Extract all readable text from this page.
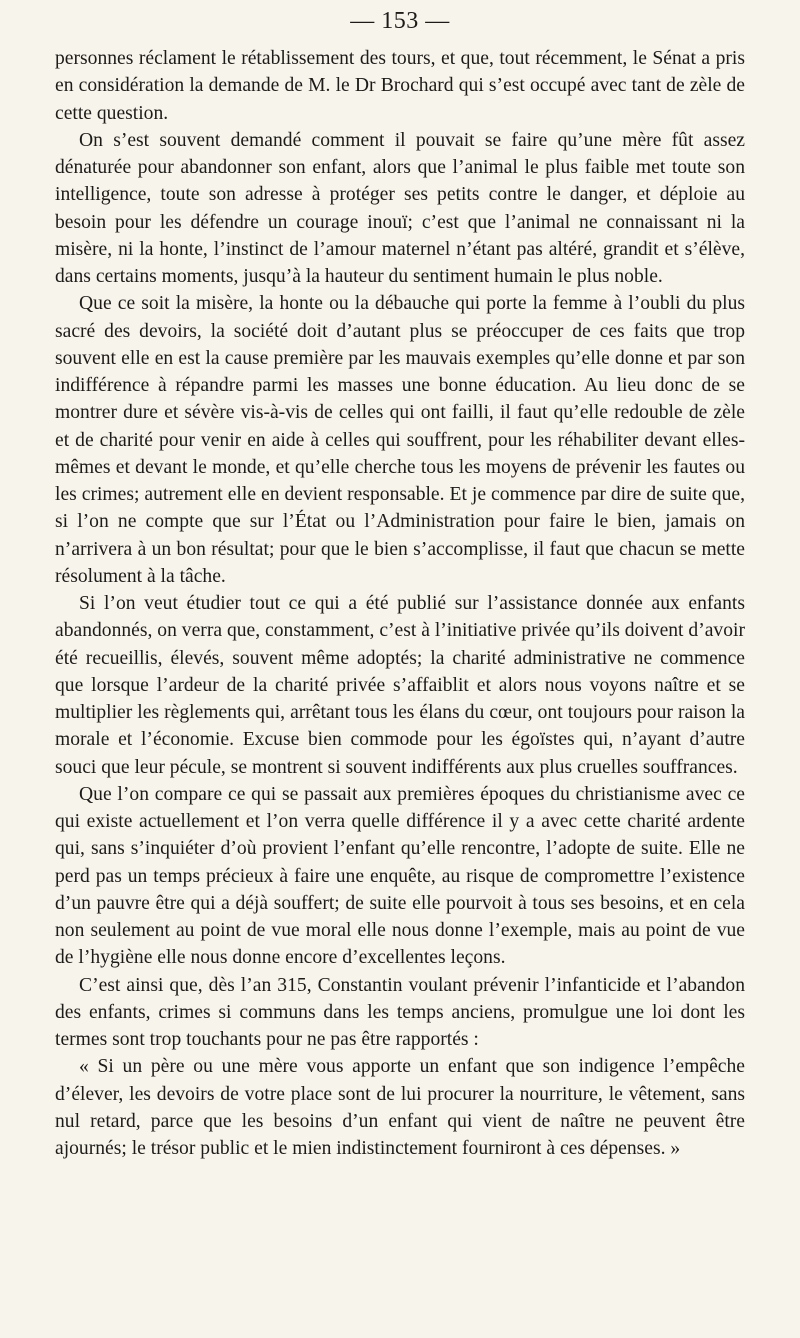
— 153 —

personnes réclament le rétablissement des tours, et que, tout récemment, le Sénat a pris en considération la demande de M. le Dr Brochard qui s’est occupé avec tant de zèle de cette question.

On s’est souvent demandé comment il pouvait se faire qu’une mère fût assez dénaturée pour abandonner son enfant, alors que l’animal le plus faible met toute son intelligence, toute son adresse à protéger ses petits contre le danger, et déploie au besoin pour les défendre un courage inouï; c’est que l’animal ne connaissant ni la misère, ni la honte, l’instinct de l’amour maternel n’étant pas altéré, grandit et s’élève, dans certains moments, jusqu’à la hauteur du sentiment humain le plus noble.

Que ce soit la misère, la honte ou la débauche qui porte la femme à l’oubli du plus sacré des devoirs, la société doit d’autant plus se préoccuper de ces faits que trop souvent elle en est la cause première par les mauvais exemples qu’elle donne et par son indifférence à répandre parmi les masses une bonne éducation. Au lieu donc de se montrer dure et sévère vis-à-vis de celles qui ont failli, il faut qu’elle redouble de zèle et de charité pour venir en aide à celles qui souffrent, pour les réhabiliter devant elles-mêmes et devant le monde, et qu’elle cherche tous les moyens de prévenir les fautes ou les crimes; autrement elle en devient responsable. Et je commence par dire de suite que, si l’on ne compte que sur l’État ou l’Administration pour faire le bien, jamais on n’arrivera à un bon résultat; pour que le bien s’accomplisse, il faut que chacun se mette résolument à la tâche.

Si l’on veut étudier tout ce qui a été publié sur l’assistance donnée aux enfants abandonnés, on verra que, constamment, c’est à l’initiative privée qu’ils doivent d’avoir été recueillis, élevés, souvent même adoptés; la charité administrative ne commence que lorsque l’ardeur de la charité privée s’affaiblit et alors nous voyons naître et se multiplier les règlements qui, arrêtant tous les élans du cœur, ont toujours pour raison la morale et l’économie. Excuse bien commode pour les égoïstes qui, n’ayant d’autre souci que leur pécule, se montrent si souvent indifférents aux plus cruelles souffrances.

Que l’on compare ce qui se passait aux premières époques du christianisme avec ce qui existe actuellement et l’on verra quelle différence il y a avec cette charité ardente qui, sans s’inquiéter d’où provient l’enfant qu’elle rencontre, l’adopte de suite. Elle ne perd pas un temps précieux à faire une enquête, au risque de compromettre l’existence d’un pauvre être qui a déjà souffert; de suite elle pourvoit à tous ses besoins, et en cela non seulement au point de vue moral elle nous donne l’exemple, mais au point de vue de l’hygiène elle nous donne encore d’excellentes leçons.

C’est ainsi que, dès l’an 315, Constantin voulant prévenir l’infanticide et l’abandon des enfants, crimes si communs dans les temps anciens, promulgue une loi dont les termes sont trop touchants pour ne pas être rapportés :

« Si un père ou une mère vous apporte un enfant que son indigence l’empêche d’élever, les devoirs de votre place sont de lui procurer la nourriture, le vêtement, sans nul retard, parce que les besoins d’un enfant qui vient de naître ne peuvent être ajournés; le trésor public et le mien indistinctement fourniront à ces dépenses. »
